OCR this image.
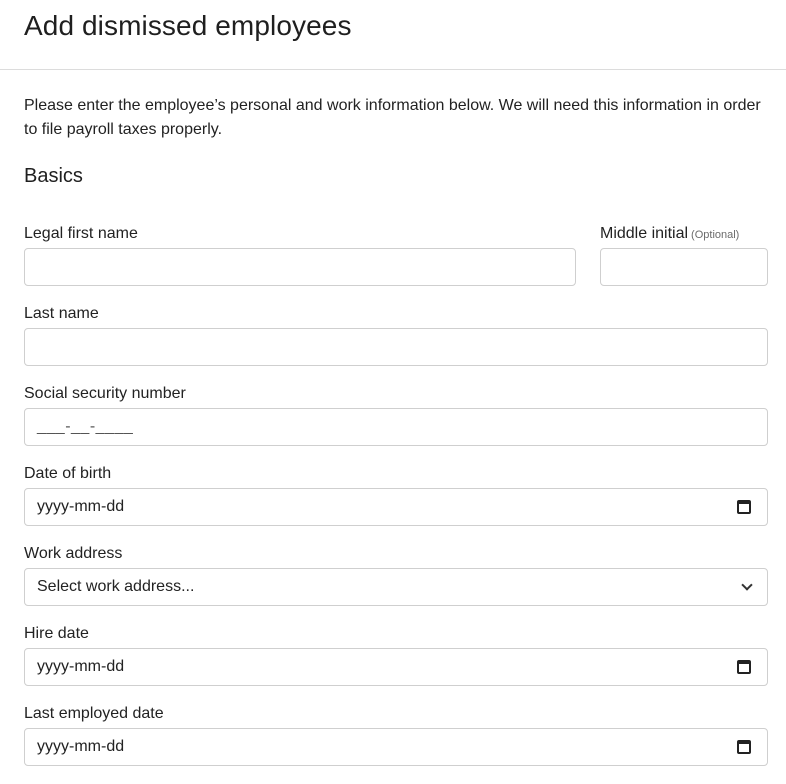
Add dismissed employees

Please enter the employee’s personal and work information below. We will need this information in order to file payroll taxes properly.

Basics
Legal first name	Middle initial (Optional)
Last name
Social security number
___-__-____
Date of birth
yyyy-mm-dd
Work address
Select work address...
Hire date
yyyy-mm-dd
Last employed date
yyyy-mm-dd
